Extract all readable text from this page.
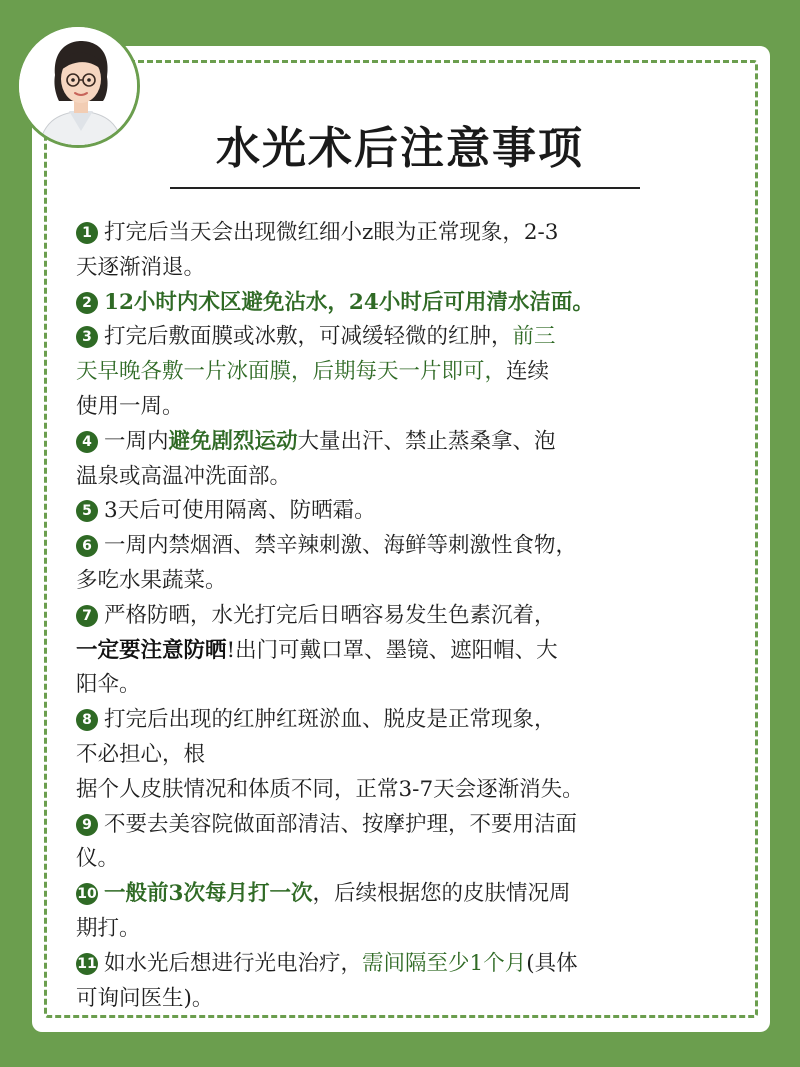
水光术后注意事项

1 打完后当天会出现微红细小z眼为正常现象，2-3
天逐渐消退。

2 12小时内术区避免沾水，24小时后可用清水洁面。

3 打完后敷面膜或冰敷，可减缓轻微的红肿，前三
天早晚各敷一片冰面膜，后期每天一片即可，连续
使用一周。

4 一周内避免剧烈运动大量出汗、禁止蒸桑拿、泡
温泉或高温冲洗面部。

5 3天后可使用隔离、防晒霜。

6 一周内禁烟酒、禁辛辣刺激、海鲜等刺激性食物，
多吃水果蔬菜。

7 严格防晒，水光打完后日晒容易发生色素沉着，
一定要注意防晒!出门可戴口罩、墨镜、遮阳帽、大
阳伞。

8 打完后出现的红肿红斑淤血、脱皮是正常现象，
不必担心，根
据个人皮肤情况和体质不同，正常3-7天会逐渐消失。

9 不要去美容院做面部清洁、按摩护理，不要用洁面
仪。

10 一般前3次每月打一次，后续根据您的皮肤情况周
期打。

11 如水光后想进行光电治疗，需间隔至少1个月(具体
可询问医生)。
